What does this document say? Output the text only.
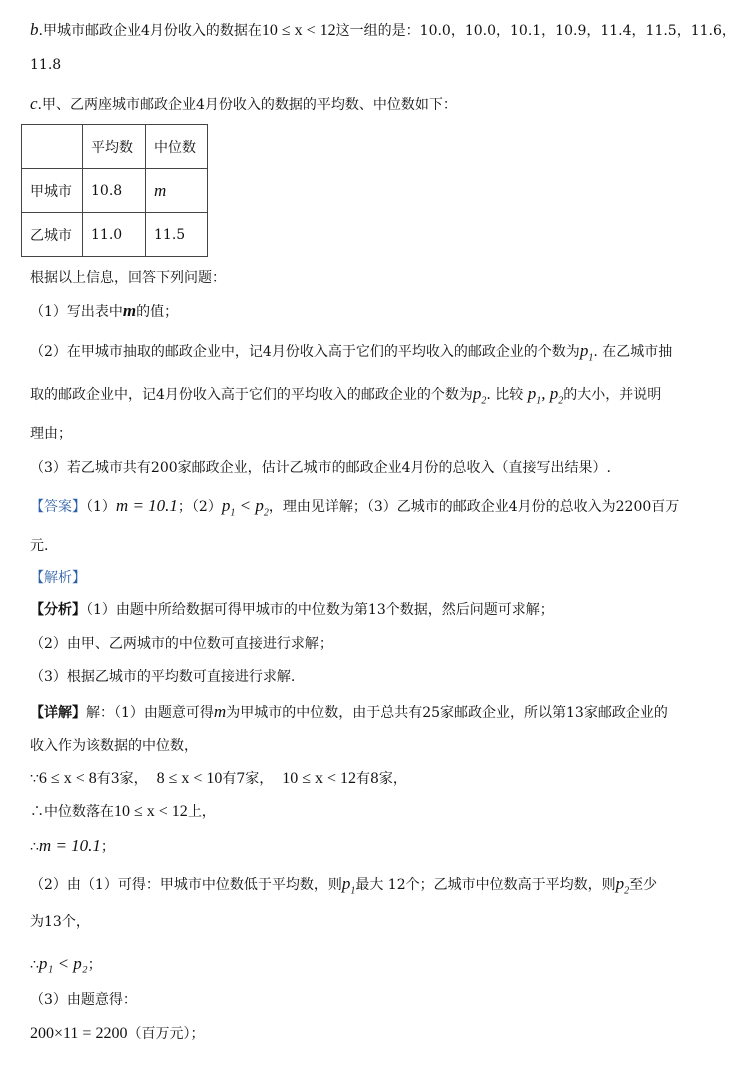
b.甲城市邮政企业4月份收入的数据在10 ≤ x < 12这一组的是：10.0，10.0，10.1，10.9，11.4，11.5，11.6，
11.8
c.甲、乙两座城市邮政企业4月份收入的数据的平均数、中位数如下：
	平均数	中位数
甲城市	10.8	m
乙城市	11.0	11.5
根据以上信息，回答下列问题：
（1）写出表中m的值；
（2）在甲城市抽取的邮政企业中，记4月份收入高于它们的平均收入的邮政企业的个数为$p_1$. 在乙城市抽
取的邮政企业中，记4月份收入高于它们的平均收入的邮政企业的个数为$p_2$. 比较 $p_1$, $p_2$的大小，并说明
理由；
（3）若乙城市共有200家邮政企业，估计乙城市的邮政企业4月份的总收入（直接写出结果）.
【答案】（1）m = 10.1；$(2)p_1 < p_2$，理由见详解；（3）乙城市的邮政企业4月份的总收入为2200百万
元.
【解析】
【分析】（1）由题中所给数据可得甲城市的中位数为第13个数据，然后问题可求解；
（2）由甲、乙两城市的中位数可直接进行求解；
（3）根据乙城市的平均数可直接进行求解.
【详解】解：（1）由题意可得m为甲城市的中位数，由于总共有25家邮政企业，所以第13家邮政企业的
收入作为该数据的中位数，
∵6 ≤ x < 8有3家， 8 ≤ x < 10有7家， 10 ≤ x < 12有8家，
∴中位数落在10 ≤ x < 12上，
∴m = 10.1；
（2）由（1）可得：甲城市中位数低于平均数，则$p_1$最大 12个；乙城市中位数高于平均数，则$p_2$至少
为13个，
∴p₁ < p₂；
（3）由题意得：
200×11 = 2200（百万元）；
